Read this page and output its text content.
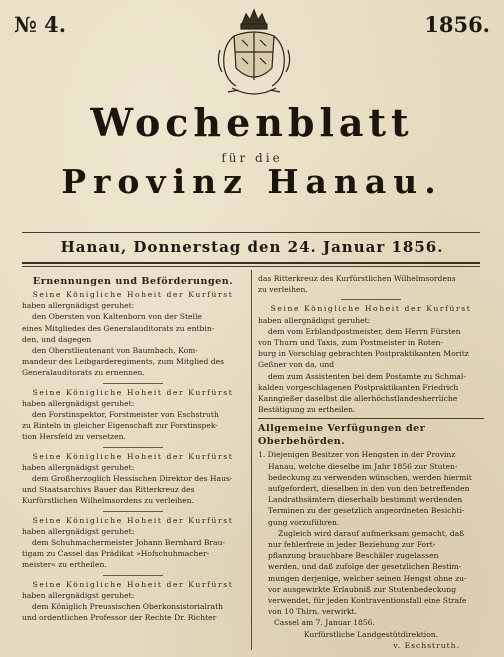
№ 4.	1856.
Wochenblatt
für die
Provinz Hanau.
Hanau, Donnerstag den 24. Januar 1856.
Ernennungen und Beförderungen.
Seine Königliche Hoheit der Kurfürst
haben allergnädigst geruhet:
den Obersten von Kaltenborn von der Stelle
eines Mitgliedes des Generalauditorats zu entbin-
den, und dagegen
den Oberstlieutenant von Baumbach, Kom-
mandeur des Leibgarderegiments, zum Mitglied des
Generalauditorats zu ernennen.
Seine Königliche Hoheit der Kurfürst
haben allergnädigst geruhet:
den Forstinspektor, Forstmeister von Eschstruth
zu Rinteln in gleicher Eigenschaft zur Forstinspek-
tion Hersfeld zu versetzen.
Seine Königliche Hoheit der Kurfürst
haben allergnädigst geruhet:
dem Großherzoglich Hessischen Direktor des Haus-
und Staatsarchivs Bauer das Ritterkreuz des
Kurfürstlichen Wilhelmsordens zu verleihen.
Seine Königliche Hoheit der Kurfürst
haben allergnädigst geruhet:
dem Schuhmachermeister Johann Bernhard Brau-
tigam zu Cassel das Prädikat »Hofschuhmacher-
meister« zu ertheilen.
Seine Königliche Hoheit der Kurfürst
haben allergnädigst geruhet:
dem Königlich Preussischen Oberkonsistorialrath
und ordentlichen Professor der Rechte Dr. Richter
das Ritterkreuz des Kurfürstlichen Wilhelmsordens
zu verleihen.
Seine Königliche Hoheit der Kurfürst
haben allergnädigst geruhet:
dem vom Erblandpostmeister, dem Herrn Fürsten
von Thurn und Taxis, zum Postmeister in Roten-
burg in Vorschlag gebrachten Postpraktikanten Moritz
Geßner von da, und
dem zum Assistenten bei dem Postamte zu Schmal-
kalden vorgeschlagenen Postpraktikanten Friedrich
Kanngießer daselbst die allerhöchstlandesherrliche
Bestätigung zu ertheilen.
Allgemeine Verfügungen der Oberbehörden.
1. Diejenigen Besitzer von Hengsten in der Provinz
Hanau, welche dieselbe im Jahr 1856 zur Stuten-
bedeckung zu verwenden wünschen, werden hiermit
aufgefordert, dieselben in den von den betreffenden
Landrathsämtern dieserhalb bestimmt werdenden
Terminen zu der gesetzlich angeordneten Besichti-
gung vorzuführen.
Zugleich wird darauf aufmerksam gemacht, daß
nur fehlerfreie in jeder Beziehung zur Fort-
pflanzung brauchbare Beschäler zugelassen
werden, und daß zufolge der gesetzlichen Bestim-
mungen derjenige, welcher seinen Hengst ohne zu-
vor ausgewirkte Erlaubniß zur Stutenbedeckung
verwendet, für jeden Kontraventionsfall eine Strafe
von 10 Thlrn. verwirkt.
Cassel am 7. Januar 1856.
Kurfürstliche Landgestütdirektion.
v. Eschstruth.
